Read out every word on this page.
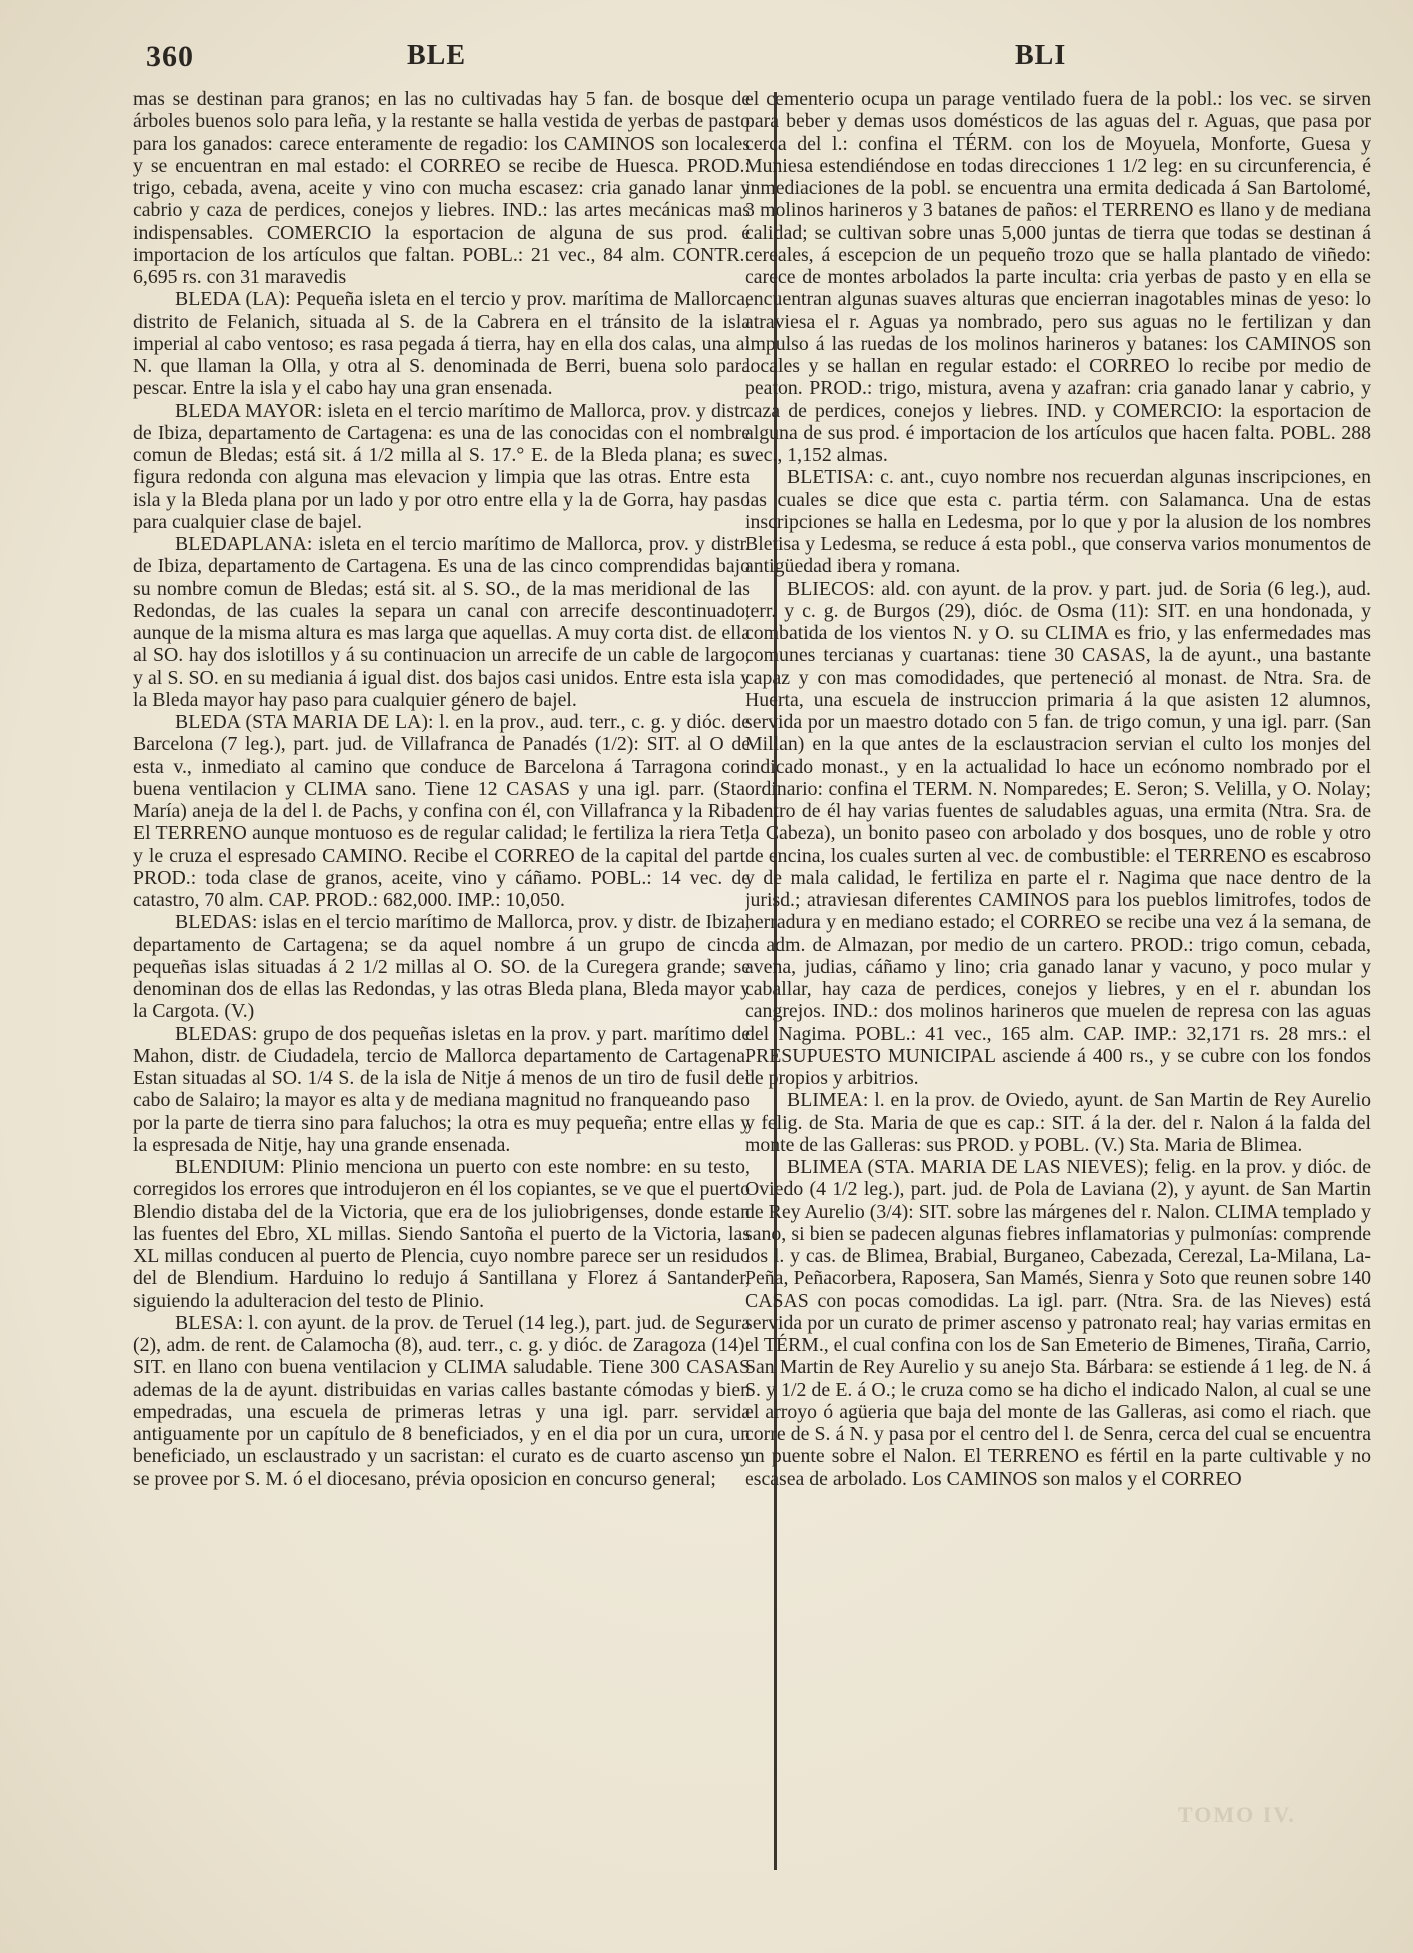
360	BLE	BLI

mas se destinan para granos; en las no cultivadas hay 5 fan. de bosque de árboles buenos solo para leña, y la restante se halla vestida de yerbas de pasto para los ganados: carece enteramente de regadio: los CAMINOS son locales y se encuentran en mal estado: el CORREO se recibe de Huesca. PROD.: trigo, cebada, avena, aceite y vino con mucha escasez: cria ganado lanar y cabrio y caza de perdices, conejos y liebres. IND.: las artes mecánicas mas indispensables. COMERCIO la esportacion de alguna de sus prod. é importacion de los artículos que faltan. POBL.: 21 vec., 84 alm. CONTR.: 6,695 rs. con 31 maravedis

BLEDA (LA): Pequeña isleta en el tercio y prov. marítima de Mallorca, distrito de Felanich, situada al S. de la Cabrera en el tránsito de la isla imperial al cabo ventoso; es rasa pegada á tierra, hay en ella dos calas, una al N. que llaman la Olla, y otra al S. denominada de Berri, buena solo para pescar. Entre la isla y el cabo hay una gran ensenada.

BLEDA MAYOR: isleta en el tercio marítimo de Mallorca, prov. y distr. de Ibiza, departamento de Cartagena: es una de las conocidas con el nombre comun de Bledas; está sit. á 1/2 milla al S. 17.° E. de la Bleda plana; es su figura redonda con alguna mas elevacion y limpia que las otras. Entre esta isla y la Bleda plana por un lado y por otro entre ella y la de Gorra, hay paso para cualquier clase de bajel.

BLEDAPLANA: isleta en el tercio marítimo de Mallorca, prov. y distr. de Ibiza, departamento de Cartagena. Es una de las cinco comprendidas bajo su nombre comun de Bledas; está sit. al S. SO., de la mas meridional de las Redondas, de las cuales la separa un canal con arrecife descontinuado, aunque de la misma altura es mas larga que aquellas. A muy corta dist. de ella al SO. hay dos islotillos y á su continuacion un arrecife de un cable de largo, y al S. SO. en su mediania á igual dist. dos bajos casi unidos. Entre esta isla y la Bleda mayor hay paso para cualquier género de bajel.

BLEDA (STA MARIA DE LA): l. en la prov., aud. terr., c. g. y dióc. de Barcelona (7 leg.), part. jud. de Villafranca de Panadés (1/2): SIT. al O de esta v., inmediato al camino que conduce de Barcelona á Tarragona con buena ventilacion y CLIMA sano. Tiene 12 CASAS y una igl. parr. (Sta. María) aneja de la del l. de Pachs, y confina con él, con Villafranca y la Riba. El TERRENO aunque montuoso es de regular calidad; le fertiliza la riera Tet, y le cruza el espresado CAMINO. Recibe el CORREO de la capital del part. PROD.: toda clase de granos, aceite, vino y cáñamo. POBL.: 14 vec. de catastro, 70 alm. CAP. PROD.: 682,000. IMP.: 10,050.

BLEDAS: islas en el tercio marítimo de Mallorca, prov. y distr. de Ibiza, departamento de Cartagena; se da aquel nombre á un grupo de cinco pequeñas islas situadas á 2 1/2 millas al O. SO. de la Curegera grande; se denominan dos de ellas las Redondas, y las otras Bleda plana, Bleda mayor y la Cargota. (V.)

BLEDAS: grupo de dos pequeñas isletas en la prov. y part. marítimo de Mahon, distr. de Ciudadela, tercio de Mallorca departamento de Cartagena. Estan situadas al SO. 1/4 S. de la isla de Nitje á menos de un tiro de fusil del cabo de Salairo; la mayor es alta y de mediana magnitud no franqueando paso por la parte de tierra sino para faluchos; la otra es muy pequeña; entre ellas y la espresada de Nitje, hay una grande ensenada.

BLENDIUM: Plinio menciona un puerto con este nombre: en su testo, corregidos los errores que introdujeron en él los copiantes, se ve que el puerto Blendio distaba del de la Victoria, que era de los juliobrigenses, donde estan las fuentes del Ebro, XL millas. Siendo Santoña el puerto de la Victoria, las XL millas conducen al puerto de Plencia, cuyo nombre parece ser un residuo del de Blendium. Harduino lo redujo á Santillana y Florez á Santander, siguiendo la adulteracion del testo de Plinio.

BLESA: l. con ayunt. de la prov. de Teruel (14 leg.), part. jud. de Segura (2), adm. de rent. de Calamocha (8), aud. terr., c. g. y dióc. de Zaragoza (14): SIT. en llano con buena ventilacion y CLIMA saludable. Tiene 300 CASAS ademas de la de ayunt. distribuidas en varias calles bastante cómodas y bien empedradas, una escuela de primeras letras y una igl. parr. servida antiguamente por un capítulo de 8 beneficiados, y en el dia por un cura, un beneficiado, un esclaustrado y un sacristan: el curato es de cuarto ascenso y se provee por S. M. ó el diocesano, prévia oposicion en concurso general;

el cementerio ocupa un parage ventilado fuera de la pobl.: los vec. se sirven para beber y demas usos domésticos de las aguas del r. Aguas, que pasa por cerca del l.: confina el TÉRM. con los de Moyuela, Monforte, Guesa y Muniesa estendiéndose en todas direcciones 1 1/2 leg: en su circunferencia, é inmediaciones de la pobl. se encuentra una ermita dedicada á San Bartolomé, 3 molinos harineros y 3 batanes de paños: el TERRENO es llano y de mediana calidad; se cultivan sobre unas 5,000 juntas de tierra que todas se destinan á cereales, á escepcion de un pequeño trozo que se halla plantado de viñedo: carece de montes arbolados la parte inculta: cria yerbas de pasto y en ella se encuentran algunas suaves alturas que encierran inagotables minas de yeso: lo atraviesa el r. Aguas ya nombrado, pero sus aguas no le fertilizan y dan impulso á las ruedas de los molinos harineros y batanes: los CAMINOS son locales y se hallan en regular estado: el CORREO lo recibe por medio de peaton. PROD.: trigo, mistura, avena y azafran: cria ganado lanar y cabrio, y caza de perdices, conejos y liebres. IND. y COMERCIO: la esportacion de alguna de sus prod. é importacion de los artículos que hacen falta. POBL. 288 vec., 1,152 almas.

BLETISA: c. ant., cuyo nombre nos recuerdan algunas inscripciones, en las cuales se dice que esta c. partia térm. con Salamanca. Una de estas inscripciones se halla en Ledesma, por lo que y por la alusion de los nombres Bletisa y Ledesma, se reduce á esta pobl., que conserva varios monumentos de antigüedad ibera y romana.

BLIECOS: ald. con ayunt. de la prov. y part. jud. de Soria (6 leg.), aud. terr. y c. g. de Burgos (29), dióc. de Osma (11): SIT. en una hondonada, y combatida de los vientos N. y O. su CLIMA es frio, y las enfermedades mas comunes tercianas y cuartanas: tiene 30 CASAS, la de ayunt., una bastante capaz y con mas comodidades, que perteneció al monast. de Ntra. Sra. de Huerta, una escuela de instruccion primaria á la que asisten 12 alumnos, servida por un maestro dotado con 5 fan. de trigo comun, y una igl. parr. (San Millan) en la que antes de la esclaustracion servian el culto los monjes del indicado monast., y en la actualidad lo hace un ecónomo nombrado por el ordinario: confina el TERM. N. Nomparedes; E. Seron; S. Velilla, y O. Nolay; dentro de él hay varias fuentes de saludables aguas, una ermita (Ntra. Sra. de la Cabeza), un bonito paseo con arbolado y dos bosques, uno de roble y otro de encina, los cuales surten al vec. de combustible: el TERRENO es escabroso y de mala calidad, le fertiliza en parte el r. Nagima que nace dentro de la jurisd.; atraviesan diferentes CAMINOS para los pueblos limitrofes, todos de herradura y en mediano estado; el CORREO se recibe una vez á la semana, de la adm. de Almazan, por medio de un cartero. PROD.: trigo comun, cebada, avena, judias, cáñamo y lino; cria ganado lanar y vacuno, y poco mular y caballar, hay caza de perdices, conejos y liebres, y en el r. abundan los cangrejos. IND.: dos molinos harineros que muelen de represa con las aguas del Nagima. POBL.: 41 vec., 165 alm. CAP. IMP.: 32,171 rs. 28 mrs.: el PRESUPUESTO MUNICIPAL asciende á 400 rs., y se cubre con los fondos de propios y arbitrios.

BLIMEA: l. en la prov. de Oviedo, ayunt. de San Martin de Rey Aurelio y felig. de Sta. Maria de que es cap.: SIT. á la der. del r. Nalon á la falda del monte de las Galleras: sus PROD. y POBL. (V.) Sta. Maria de Blimea.

BLIMEA (STA. MARIA DE LAS NIEVES); felig. en la prov. y dióc. de Oviedo (4 1/2 leg.), part. jud. de Pola de Laviana (2), y ayunt. de San Martin de Rey Aurelio (3/4): SIT. sobre las márgenes del r. Nalon. CLIMA templado y sano, si bien se padecen algunas fiebres inflamatorias y pulmonías: comprende los l. y cas. de Blimea, Brabial, Burganeo, Cabezada, Cerezal, La-Milana, La-Peña, Peñacorbera, Raposera, San Mamés, Sienra y Soto que reunen sobre 140 CASAS con pocas comodidas. La igl. parr. (Ntra. Sra. de las Nieves) está servida por un curato de primer ascenso y patronato real; hay varias ermitas en el TÉRM., el cual confina con los de San Emeterio de Bimenes, Tiraña, Carrio, San Martin de Rey Aurelio y su anejo Sta. Bárbara: se estiende á 1 leg. de N. á S. y 1/2 de E. á O.; le cruza como se ha dicho el indicado Nalon, al cual se une el arroyo ó agüeria que baja del monte de las Galleras, asi como el riach. que corre de S. á N. y pasa por el centro del l. de Senra, cerca del cual se encuentra un puente sobre el Nalon. El TERRENO es fértil en la parte cultivable y no escasea de arbolado. Los CAMINOS son malos y el CORREO

TOMO IV.
